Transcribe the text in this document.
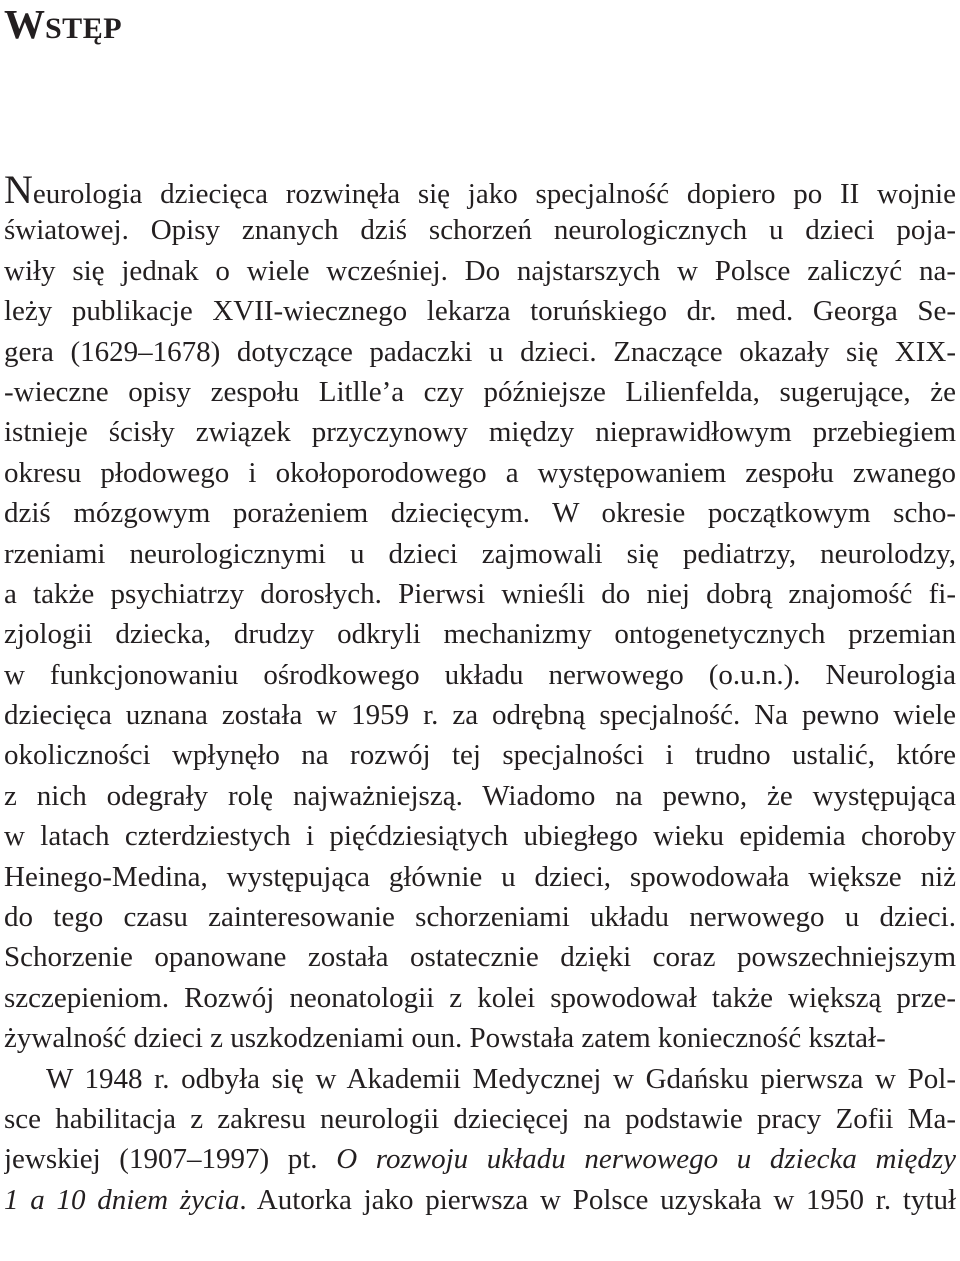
WSTĘP
Neurologia dziecięca rozwinęła się jako specjalność dopiero po II wojnie
światowej. Opisy znanych dziś schorzeń neurologicznych u dzieci poja-
wiły się jednak o wiele wcześniej. Do najstarszych w Polsce zaliczyć na-
leży publikacje XVII-wiecznego lekarza toruńskiego dr. med. Georga Se-
gera (1629–1678) dotyczące padaczki u dzieci. Znaczące okazały się XIX-
-wieczne opisy zespołu Litlle’a czy późniejsze Lilienfelda, sugerujące, że
istnieje ścisły związek przyczynowy między nieprawidłowym przebiegiem
okresu płodowego i okołoporodowego a występowaniem zespołu zwanego
dziś mózgowym porażeniem dziecięcym. W okresie początkowym scho-
rzeniami neurologicznymi u dzieci zajmowali się pediatrzy, neurolodzy,
a także psychiatrzy dorosłych. Pierwsi wnieśli do niej dobrą znajomość fi-
zjologii dziecka, drudzy odkryli mechanizmy ontogenetycznych przemian
w funkcjonowaniu ośrodkowego układu nerwowego (o.u.n.). Neurologia
dziecięca uznana została w 1959 r. za odrębną specjalność. Na pewno wiele
okoliczności wpłynęło na rozwój tej specjalności i trudno ustalić, które
z nich odegrały rolę najważniejszą. Wiadomo na pewno, że występująca
w latach czterdziestych i pięćdziesiątych ubiegłego wieku epidemia choroby
Heinego-Medina, występująca głównie u dzieci, spowodowała większe niż
do tego czasu zainteresowanie schorzeniami układu nerwowego u dzieci.
Schorzenie opanowane została ostatecznie dzięki coraz powszechniejszym
szczepieniom. Rozwój neonatologii z kolei spowodował także większą prze-
żywalność dzieci z uszkodzeniami oun. Powstała zatem konieczność kształ-
W 1948 r. odbyła się w Akademii Medycznej w Gdańsku pierwsza w Pol-
sce habilitacja z zakresu neurologii dziecięcej na podstawie pracy Zofii Ma-
jewskiej (1907–1997) pt. O rozwoju układu nerwowego u dziecka między
1 a 10 dniem życia. Autorka jako pierwsza w Polsce uzyskała w 1950 r. tytuł
